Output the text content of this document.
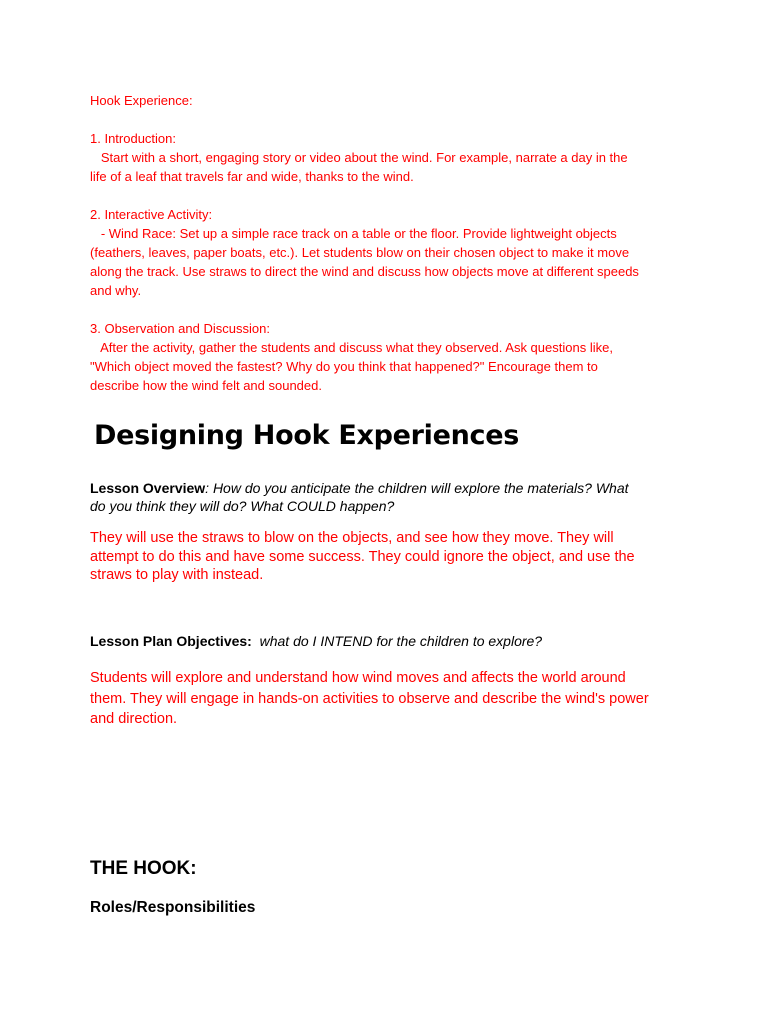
Hook Experience:

1. Introduction:

Start with a short, engaging story or video about the wind. For example, narrate a day in the

life of a leaf that travels far and wide, thanks to the wind.

2. Interactive Activity:

- Wind Race: Set up a simple race track on a table or the floor. Provide lightweight objects

(feathers, leaves, paper boats, etc.). Let students blow on their chosen object to make it move

along the track. Use straws to direct the wind and discuss how objects move at different speeds

and why.

3. Observation and Discussion:

After the activity, gather the students and discuss what they observed. Ask questions like,

"Which object moved the fastest? Why do you think that happened?" Encourage them to

describe how the wind felt and sounded.

Designing Hook Experiences

Lesson Overview: How do you anticipate the children will explore the materials? What

do you think they will do? What COULD happen?

They will use the straws to blow on the objects, and see how they move. They will

attempt to do this and have some success. They could ignore the object, and use the

straws to play with instead.

Lesson Plan Objectives:  what do I INTEND for the children to explore?

Students will explore and understand how wind moves and affects the world around

them. They will engage in hands-on activities to observe and describe the wind's power

and direction.

THE HOOK:
Roles/Responsibilities
